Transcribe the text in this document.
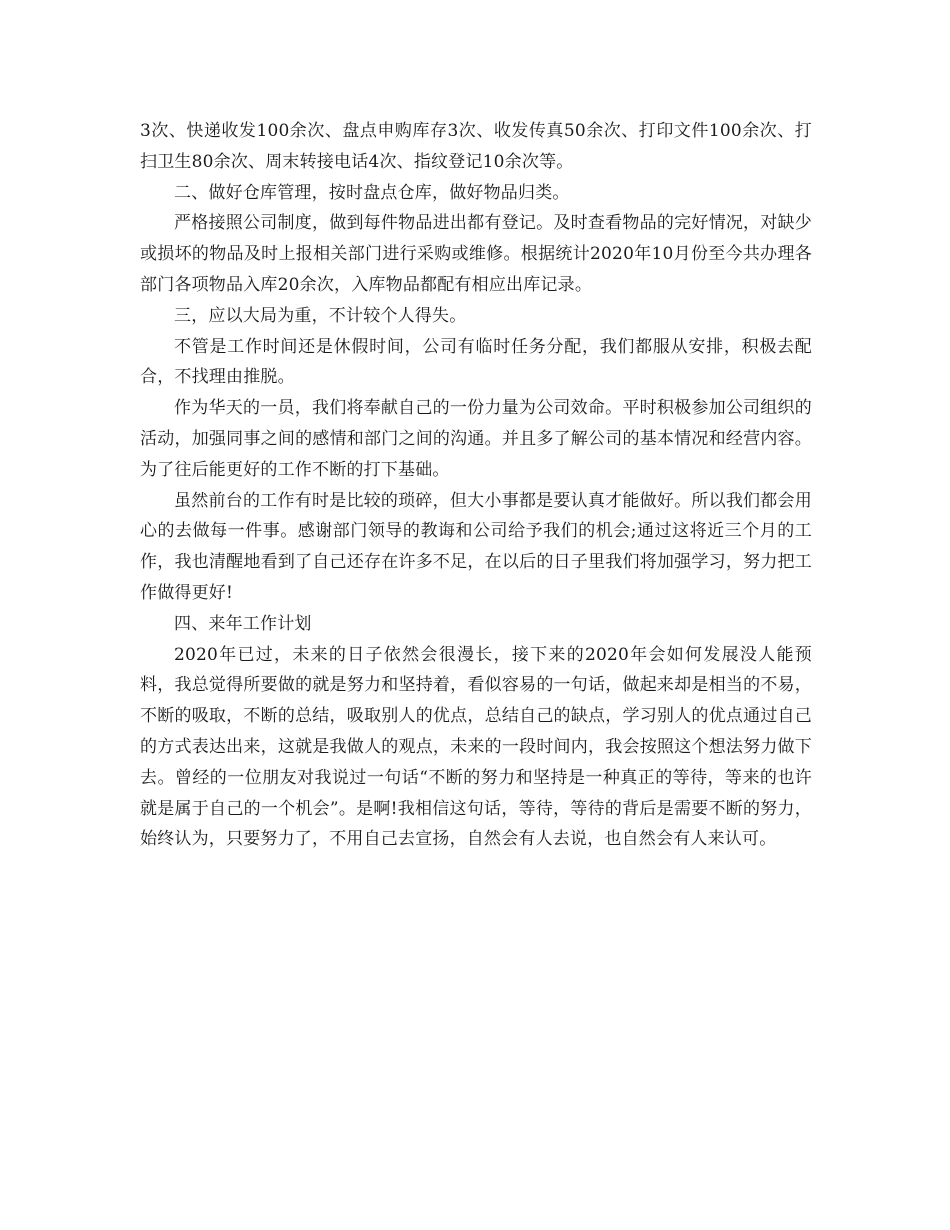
3次、快递收发100余次、盘点申购库存3次、收发传真50余次、打印文件100余次、打扫卫生80余次、周末转接电话4次、指纹登记10余次等。

二、做好仓库管理，按时盘点仓库，做好物品归类。

严格接照公司制度，做到每件物品进出都有登记。及时查看物品的完好情况，对缺少或损坏的物品及时上报相关部门进行采购或维修。根据统计2020年10月份至今共办理各部门各项物品入库20余次，入库物品都配有相应出库记录。

三，应以大局为重，不计较个人得失。

不管是工作时间还是休假时间，公司有临时任务分配，我们都服从安排，积极去配合，不找理由推脱。

作为华天的一员，我们将奉献自己的一份力量为公司效命。平时积极参加公司组织的活动，加强同事之间的感情和部门之间的沟通。并且多了解公司的基本情况和经营内容。为了往后能更好的工作不断的打下基础。

虽然前台的工作有时是比较的琐碎，但大小事都是要认真才能做好。所以我们都会用心的去做每一件事。感谢部门领导的教诲和公司给予我们的机会;通过这将近三个月的工作，我也清醒地看到了自己还存在许多不足，在以后的日子里我们将加强学习，努力把工作做得更好!

四、来年工作计划

2020年已过，未来的日子依然会很漫长，接下来的2020年会如何发展没人能预料，我总觉得所要做的就是努力和坚持着，看似容易的一句话，做起来却是相当的不易，不断的吸取，不断的总结，吸取别人的优点，总结自己的缺点，学习别人的优点通过自己的方式表达出来，这就是我做人的观点，未来的一段时间内，我会按照这个想法努力做下去。曾经的一位朋友对我说过一句话“不断的努力和坚持是一种真正的等待，等来的也许就是属于自己的一个机会”。是啊!我相信这句话，等待，等待的背后是需要不断的努力，始终认为，只要努力了，不用自己去宣扬，自然会有人去说，也自然会有人来认可。
